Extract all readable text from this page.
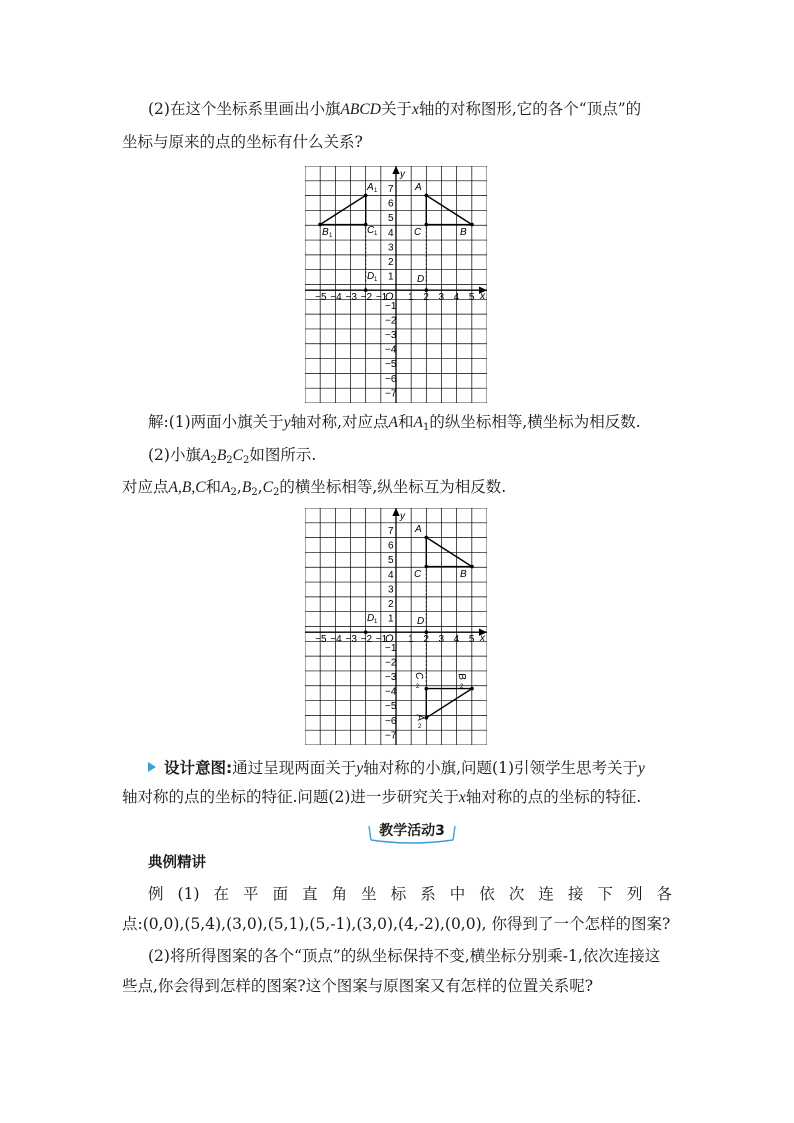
(2)在这个坐标系里画出小旗ABCD关于x轴的对称图形,它的各个“顶点”的
坐标与原来的点的坐标有什么关系?
−5 −4 −3 −2 −1 1 2 3 4 5
7
6
5
4
3
2
1
−1
−2
−3
−4
−5
−6
−7
y
x
O
A
B
C
D
A
B	C
D
1
1	1
1
解:(1)两面小旗关于y轴对称,对应点A和$A_1$的纵坐标相等,横坐标为相反数.
(2)小旗$A_2B_2C_2$如图所示.
对应点A,B,C和$A_2,B_2,C_2$的横坐标相等,纵坐标互为相反数.
−5 −4 −3 −2 −1 1 2 3 4 5
7
6
5
4
3
2
1
−1
−2
−3
−4
−5
−6
−7
y
x
O
A
B
C
D
D
A
B
C
1
2
2
2
设计意图:通过呈现两面关于y轴对称的小旗,问题(1)引领学生思考关于y
轴对称的点的坐标的特征.问题(2)进一步研究关于x轴对称的点的坐标的特征.
教学活动3
典例精讲
例 (1) 在 平 面 直 角 坐 标 系 中 依 次 连 接 下 列 各
点:(0,0),(5,4),(3,0),(5,1),(5,-1),(3,0),(4,-2),(0,0), 你得到了一个怎样的图案?
(2)将所得图案的各个“顶点”的纵坐标保持不变,横坐标分别乘-1,依次连接这
些点,你会得到怎样的图案?这个图案与原图案又有怎样的位置关系呢?
